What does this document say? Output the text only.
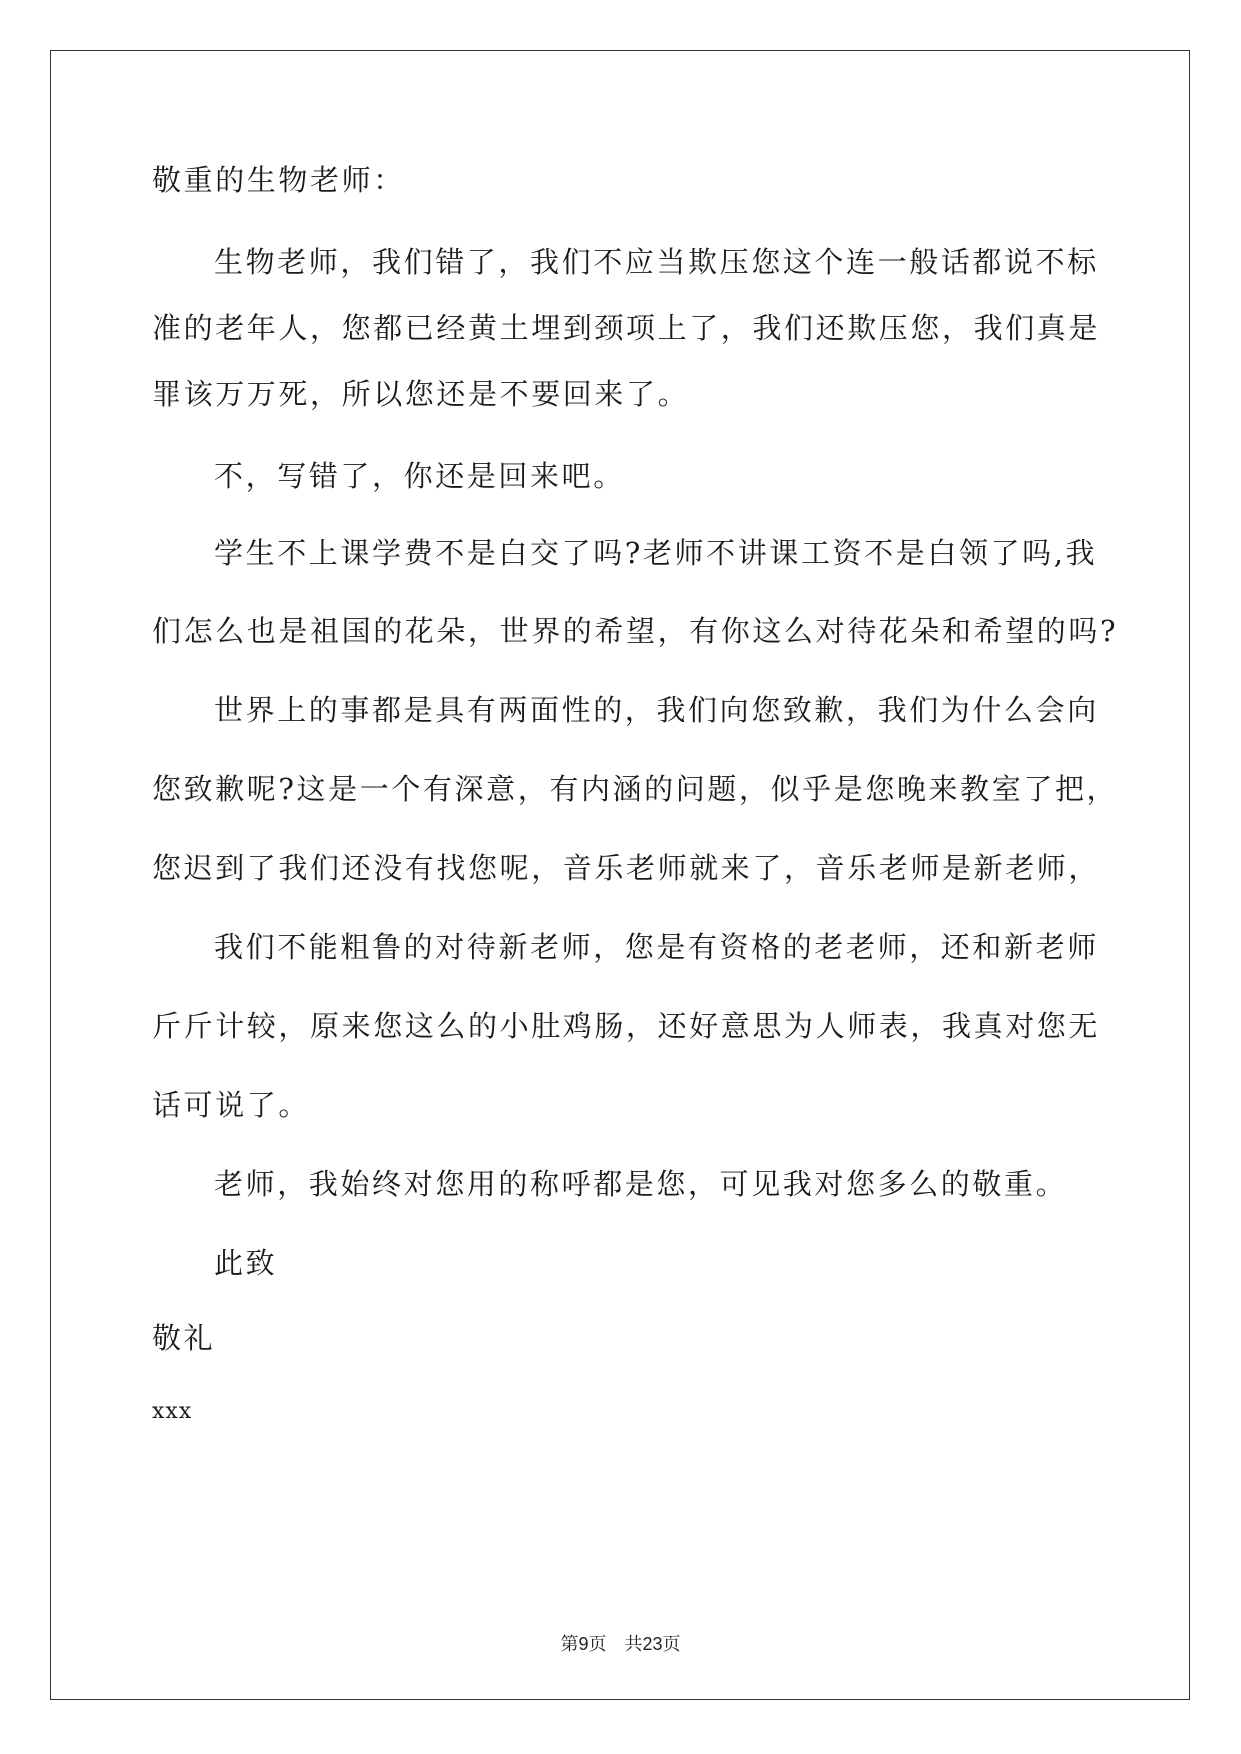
敬重的生物老师：
生物老师，我们错了，我们不应当欺压您这个连一般话都说不标
准的老年人，您都已经黄土埋到颈项上了，我们还欺压您，我们真是
罪该万万死，所以您还是不要回来了。
不，写错了，你还是回来吧。
学生不上课学费不是白交了吗?老师不讲课工资不是白领了吗,我
们怎么也是祖国的花朵，世界的希望，有你这么对待花朵和希望的吗?
世界上的事都是具有两面性的，我们向您致歉，我们为什么会向
您致歉呢?这是一个有深意，有内涵的问题，似乎是您晚来教室了把，
您迟到了我们还没有找您呢，音乐老师就来了，音乐老师是新老师，
我们不能粗鲁的对待新老师，您是有资格的老老师，还和新老师
斤斤计较，原来您这么的小肚鸡肠，还好意思为人师表，我真对您无
话可说了。
老师，我始终对您用的称呼都是您，可见我对您多么的敬重。
此致
敬礼
xxx
第9页 共23页
